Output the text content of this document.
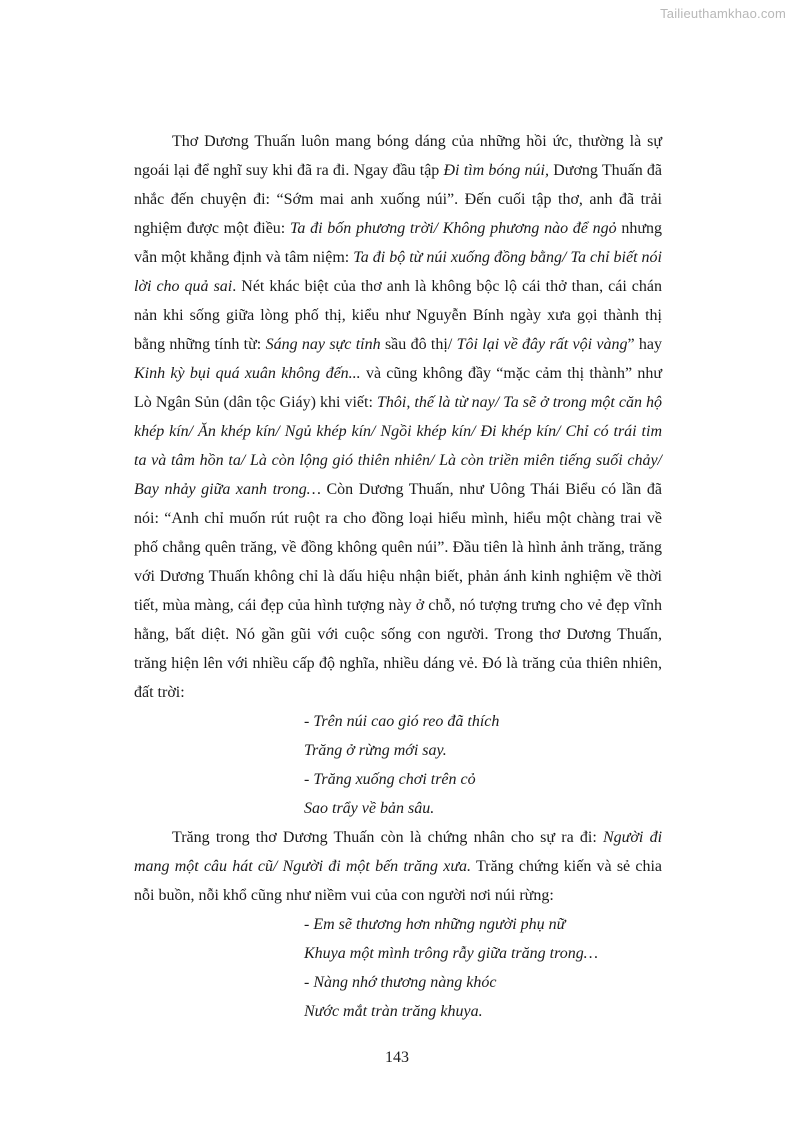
Tailieuthamkhao.com

Thơ Dương Thuấn luôn mang bóng dáng của những hồi ức, thường là sự ngoái lại để nghĩ suy khi đã ra đi. Ngay đầu tập Đi tìm bóng núi, Dương Thuấn đã nhắc đến chuyện đi: “Sớm mai anh xuống núi”. Đến cuối tập thơ, anh đã trải nghiệm được một điều: Ta đi bốn phương trời/ Không phương nào để ngỏ nhưng vẫn một khẳng định và tâm niệm: Ta đi bộ từ núi xuống đồng bằng/ Ta chỉ biết nói lời cho quả sai. Nét khác biệt của thơ anh là không bộc lộ cái thở than, cái chán nản khi sống giữa lòng phố thị, kiểu như Nguyễn Bính ngày xưa gọi thành thị bằng những tính từ: Sáng nay sực tỉnh sầu đô thị/ Tôi lại về đây rất vội vàng” hay Kinh kỳ bụi quá xuân không đến... và cũng không đầy “mặc cảm thị thành” như Lò Ngân Sủn (dân tộc Giáy) khi viết: Thôi, thế là từ nay/ Ta sẽ ở trong một căn hộ khép kín/ Ăn khép kín/ Ngủ khép kín/ Ngồi khép kín/ Đi khép kín/ Chỉ có trái tim ta và tâm hồn ta/ Là còn lộng gió thiên nhiên/ Là còn triền miên tiếng suối chảy/ Bay nhảy giữa xanh trong… Còn Dương Thuấn, như Uông Thái Biểu có lần đã nói: “Anh chỉ muốn rút ruột ra cho đồng loại hiểu mình, hiểu một chàng trai về phố chẳng quên trăng, về đồng không quên núi”. Đầu tiên là hình ảnh trăng, trăng với Dương Thuấn không chỉ là dấu hiệu nhận biết, phản ánh kinh nghiệm về thời tiết, mùa màng, cái đẹp của hình tượng này ở chỗ, nó tượng trưng cho vẻ đẹp vĩnh hằng, bất diệt. Nó gần gũi với cuộc sống con người. Trong thơ Dương Thuấn, trăng hiện lên với nhiều cấp độ nghĩa, nhiều dáng vẻ. Đó là trăng của thiên nhiên, đất trời:

- Trên núi cao gió reo đã thích
Trăng ở rừng mới say.
- Trăng xuống chơi trên cỏ
Sao trẩy về bản sâu.

Trăng trong thơ Dương Thuấn còn là chứng nhân cho sự ra đi: Người đi mang một câu hát cũ/ Người đi một bến trăng xưa. Trăng chứng kiến và sẻ chia nỗi buồn, nỗi khổ cũng như niềm vui của con người nơi núi rừng:

- Em sẽ thương hơn những người phụ nữ
Khuya một mình trông rẫy giữa trăng trong…
- Nàng nhớ thương nàng khóc
Nước mắt tràn trăng khuya.
143
